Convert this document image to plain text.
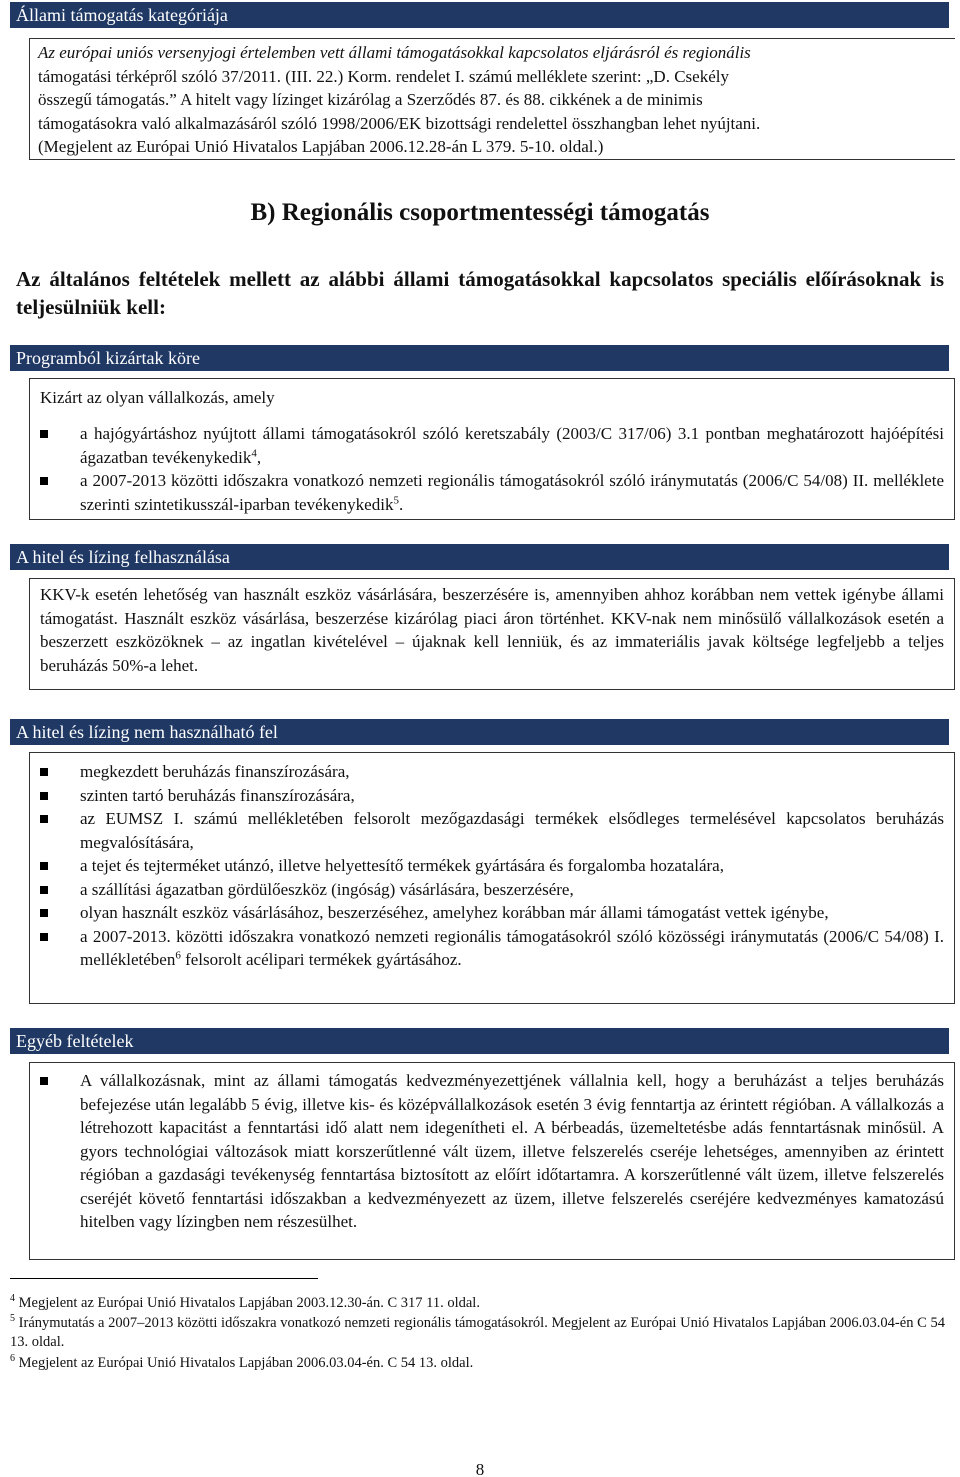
Állami támogatás kategóriája
Az európai uniós versenyjogi értelemben vett állami támogatásokkal kapcsolatos eljárásról és regionális
támogatási térképről szóló 37/2011. (III. 22.) Korm. rendelet I. számú melléklete szerint: „D. Csekély
összegű támogatás.” A hitelt vagy lízinget kizárólag a Szerződés 87. és 88. cikkének a de minimis
támogatásokra való alkalmazásáról szóló 1998/2006/EK bizottsági rendelettel összhangban lehet nyújtani.
(Megjelent az Európai Unió Hivatalos Lapjában 2006.12.28-án L 379. 5-10. oldal.)
B) Regionális csoportmentességi támogatás
Az általános feltételek mellett az alábbi állami támogatásokkal kapcsolatos speciális előírásoknak is teljesülniük kell:
Programból kizártak köre
Kizárt az olyan vállalkozás, amely
a hajógyártáshoz nyújtott állami támogatásokról szóló keretszabály (2003/C 317/06) 3.1 pontban meghatározott hajóépítési ágazatban tevékenykedik$^4$,
a 2007-2013 közötti időszakra vonatkozó nemzeti regionális támogatásokról szóló iránymutatás (2006/C 54/08) II. melléklete szerinti szintetikusszál-iparban tevékenykedik$^5$.
A hitel és lízing felhasználása
KKV-k esetén lehetőség van használt eszköz vásárlására, beszerzésére is, amennyiben ahhoz korábban nem vettek igénybe állami támogatást. Használt eszköz vásárlása, beszerzése kizárólag piaci áron történhet. KKV-nak nem minősülő vállalkozások esetén a beszerzett eszközöknek – az ingatlan kivételével – újaknak kell lenniük, és az immateriális javak költsége legfeljebb a teljes beruházás 50%-a lehet.
A hitel és lízing nem használható fel
megkezdett beruházás finanszírozására,
szinten tartó beruházás finanszírozására,
az EUMSZ I. számú mellékletében felsorolt mezőgazdasági termékek elsődleges termelésével kapcsolatos beruházás megvalósítására,
a tejet és tejterméket utánzó, illetve helyettesítő termékek gyártására és forgalomba hozatalára,
a szállítási ágazatban gördülőeszköz (ingóság) vásárlására, beszerzésére,
olyan használt eszköz vásárlásához, beszerzéséhez, amelyhez korábban már állami támogatást vettek igénybe,
a 2007-2013. közötti időszakra vonatkozó nemzeti regionális támogatásokról szóló közösségi iránymutatás (2006/C 54/08) I. mellékletében$^6$ felsorolt acélipari termékek gyártásához.
Egyéb feltételek
A vállalkozásnak, mint az állami támogatás kedvezményezettjének vállalnia kell, hogy a beruházást a teljes beruházás befejezése után legalább 5 évig, illetve kis- és középvállalkozások esetén 3 évig fenntartja az érintett régióban. A vállalkozás a létrehozott kapacitást a fenntartási idő alatt nem idegenítheti el. A bérbeadás, üzemeltetésbe adás fenntartásnak minősül. A gyors technológiai változások miatt korszerűtlenné vált üzem, illetve felszerelés cseréje lehetséges, amennyiben az érintett régióban a gazdasági tevékenység fenntartása biztosított az előírt időtartamra. A korszerűtlenné vált üzem, illetve felszerelés cseréjét követő fenntartási időszakban a kedvezményezett az üzem, illetve felszerelés cseréjére kedvezményes kamatozású hitelben vagy lízingben nem részesülhet.
$^4$ Megjelent az Európai Unió Hivatalos Lapjában 2003.12.30-án. C 317 11. oldal.
$^5$ Iránymutatás a 2007–2013 közötti időszakra vonatkozó nemzeti regionális támogatásokról. Megjelent az Európai Unió Hivatalos Lapjában 2006.03.04-én C 54 13. oldal.
$^6$ Megjelent az Európai Unió Hivatalos Lapjában 2006.03.04-én. C 54 13. oldal.
8
